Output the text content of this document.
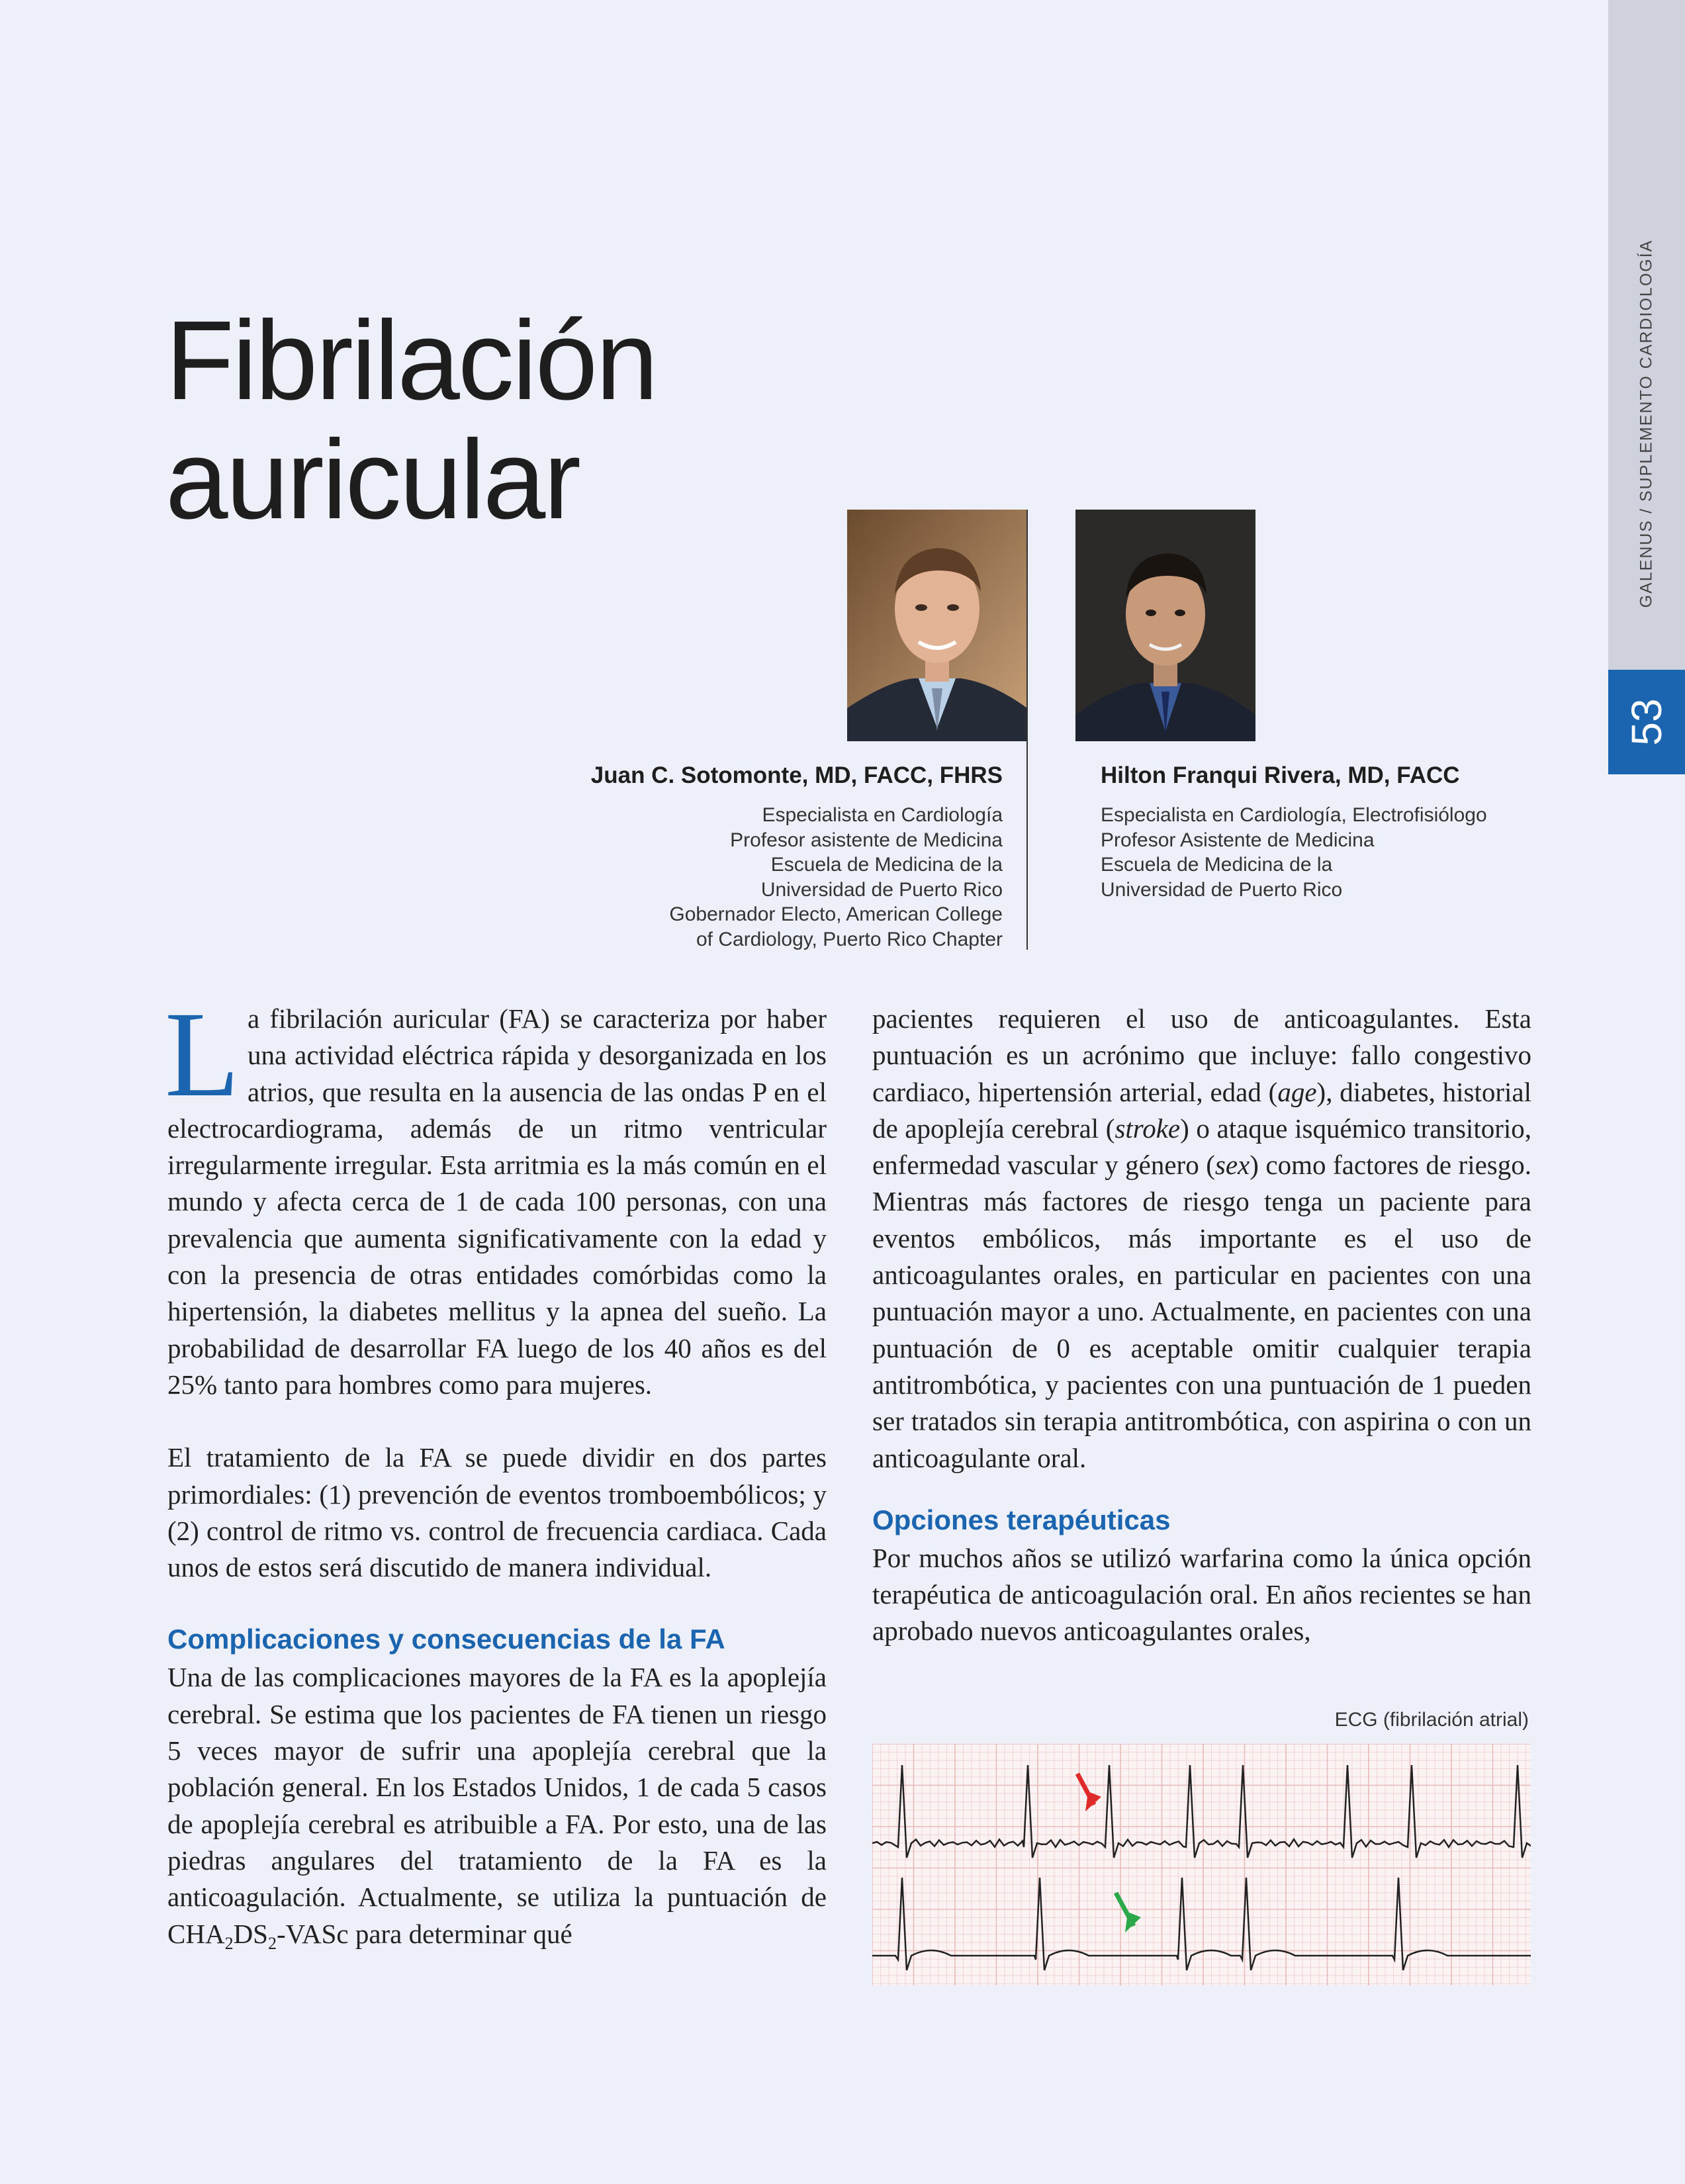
GALENUS / SUPLEMENTO CARDIOLOGÍA
53
Fibrilación
auricular
Juan C. Sotomonte, MD, FACC, FHRS
Especialista en Cardiología
Profesor asistente de Medicina
Escuela de Medicina de la
Universidad de Puerto Rico
Gobernador Electo, American College
of Cardiology, Puerto Rico Chapter
Hilton Franqui Rivera, MD, FACC
Especialista en Cardiología, Electrofisiólogo
Profesor Asistente de Medicina
Escuela de Medicina de la
Universidad de Puerto Rico

La fibrilación auricular (FA) se caracteriza por haber una actividad eléctrica rápida y desorganizada en los atrios, que resulta en la ausencia de las ondas P en el electrocardiograma, además de un ritmo ventricular irregularmente irregular. Esta arritmia es la más común en el mundo y afecta cerca de 1 de cada 100 personas, con una prevalencia que aumenta significativamente con la edad y con la presencia de otras entidades comórbidas como la hipertensión, la diabetes mellitus y la apnea del sueño. La probabilidad de desarrollar FA luego de los 40 años es del 25% tanto para hombres como para mujeres.

El tratamiento de la FA se puede dividir en dos partes primordiales: (1) prevención de eventos tromboembólicos; y (2) control de ritmo vs. control de frecuencia cardiaca. Cada unos de estos será discutido de manera individual.

Complicaciones y consecuencias de la FA

Una de las complicaciones mayores de la FA es la apoplejía cerebral. Se estima que los pacientes de FA tienen un riesgo 5 veces mayor de sufrir una apoplejía cerebral que la población general. En los Estados Unidos, 1 de cada 5 casos de apoplejía cerebral es atribuible a FA. Por esto, una de las piedras angulares del tratamiento de la FA es la anticoagulación. Actualmente, se utiliza la puntuación de $CHA_2DS_2$-VASc para determinar qué

pacientes requieren el uso de anticoagulantes. Esta puntuación es un acrónimo que incluye: fallo congestivo cardiaco, hipertensión arterial, edad (age), diabetes, historial de apoplejía cerebral (stroke) o ataque isquémico transitorio, enfermedad vascular y género (sex) como factores de riesgo. Mientras más factores de riesgo tenga un paciente para eventos embólicos, más importante es el uso de anticoagulantes orales, en particular en pacientes con una puntuación mayor a uno. Actualmente, en pacientes con una puntuación de 0 es aceptable omitir cualquier terapia antitrombótica, y pacientes con una puntuación de 1 pueden ser tratados sin terapia antitrombótica, con aspirina o con un anticoagulante oral.

Opciones terapéuticas

Por muchos años se utilizó warfarina como la única opción terapéutica de anticoagulación oral. En años recientes se han aprobado nuevos anticoagulantes orales,

ECG (fibrilación atrial)
